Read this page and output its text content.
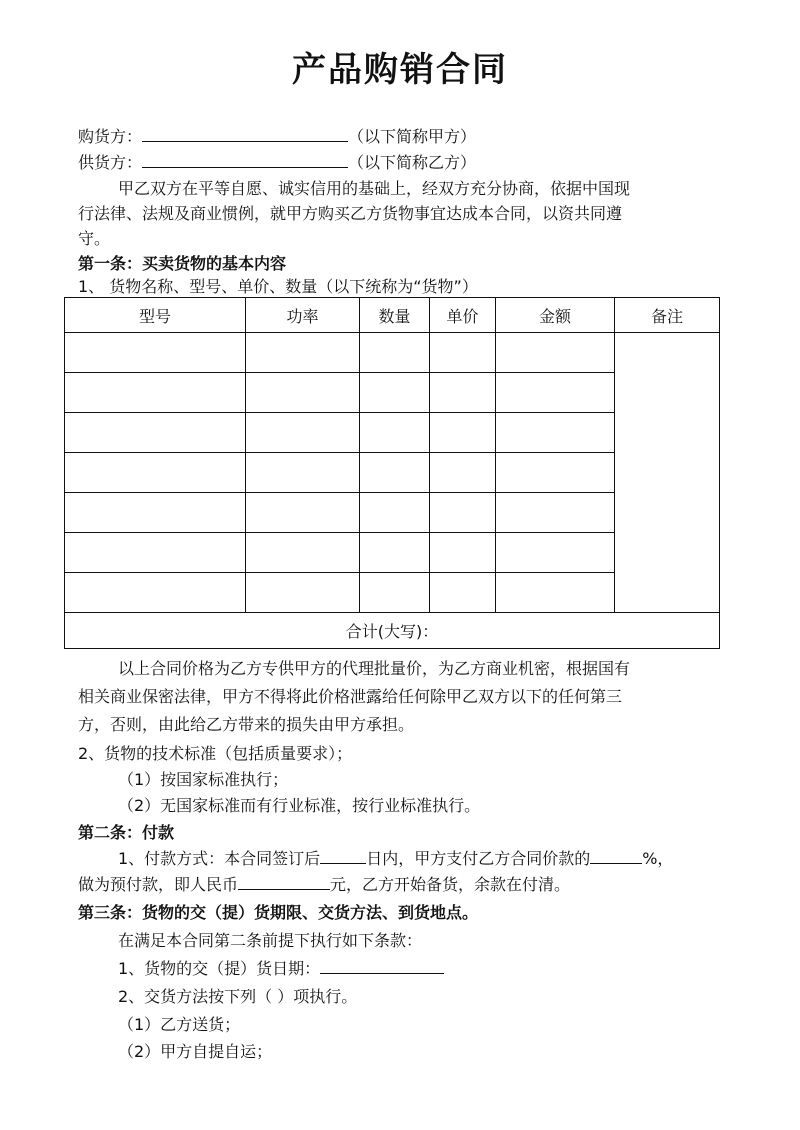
产品购销合同
购货方：	（以下简称甲方）
供货方：	（以下简称乙方）
甲乙双方在平等自愿、诚实信用的基础上，经双方充分协商，依据中国现
行法律、法规及商业惯例，就甲方购买乙方货物事宜达成本合同，以资共同遵
守。
第一条：买卖货物的基本内容
1、 货物名称、型号、单价、数量（以下统称为“货物”）
型号	功率	数量	单价	金额	备注

合计(大写)：					
以上合同价格为乙方专供甲方的代理批量价，为乙方商业机密，根据国有
相关商业保密法律，甲方不得将此价格泄露给任何除甲乙双方以下的任何第三
方，否则，由此给乙方带来的损失由甲方承担。
2、货物的技术标准（包括质量要求）；
（1）按国家标准执行；
（2）无国家标准而有行业标准，按行业标准执行。
第二条：付款
1、付款方式：本合同签订后	日内，甲方支付乙方合同价款的	%，
做为预付款，即人民币	元，乙方开始备货，余款在付清。
第三条：货物的交（提）货期限、交货方法、到货地点。
在满足本合同第二条前提下执行如下条款：
1、货物的交（提）货日期：
2、交货方法按下列（ ）项执行。
（1）乙方送货；
（2）甲方自提自运；
